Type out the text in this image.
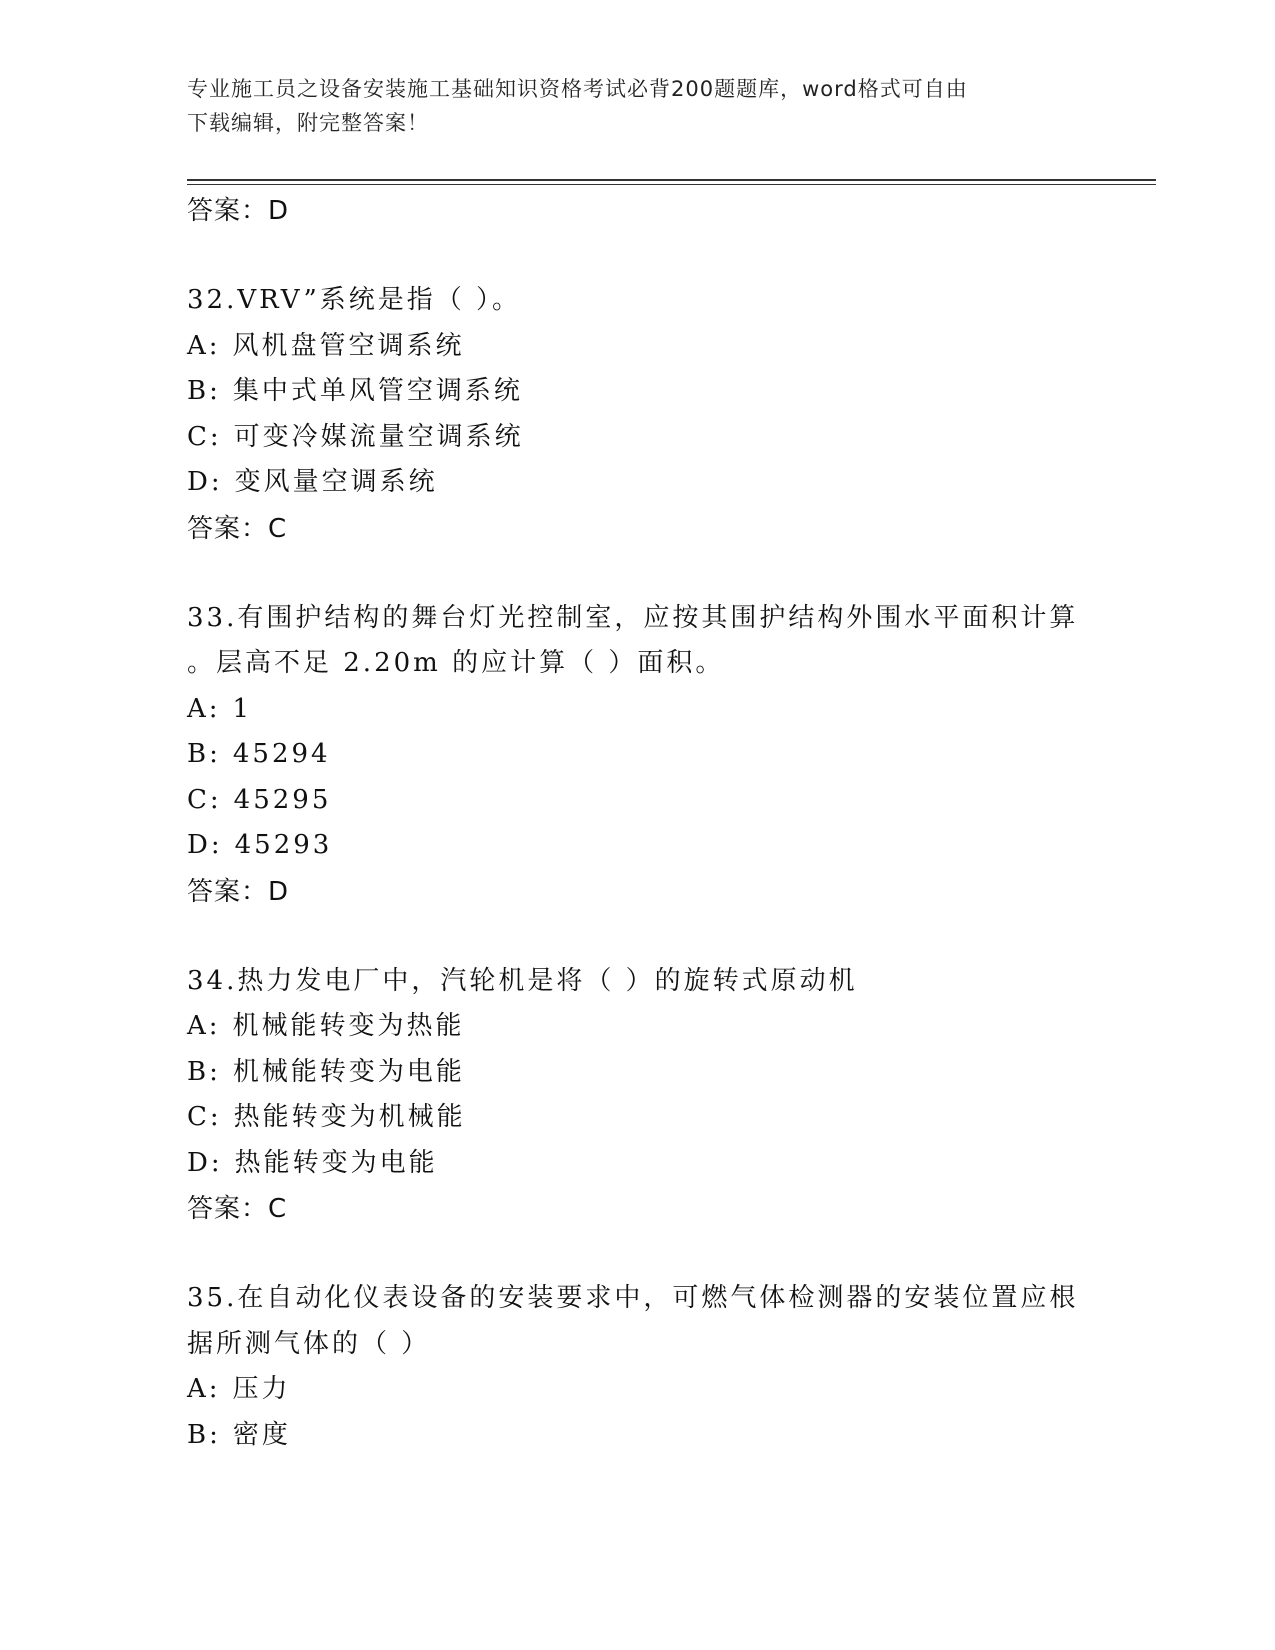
专业施工员之设备安装施工基础知识资格考试必背200题题库，word格式可自由
下载编辑，附完整答案！
答案：D
32.VRV”系统是指（ ）。
A: 风机盘管空调系统
B: 集中式单风管空调系统
C: 可变冷媒流量空调系统
D: 变风量空调系统
答案：C
33.有围护结构的舞台灯光控制室，应按其围护结构外围水平面积计算
。层高不足 2.20m 的应计算（ ）面积。
A: 1
B: 45294
C: 45295
D: 45293
答案：D
34.热力发电厂中，汽轮机是将（ ）的旋转式原动机
A: 机械能转变为热能
B: 机械能转变为电能
C: 热能转变为机械能
D: 热能转变为电能
答案：C
35.在自动化仪表设备的安装要求中，可燃气体检测器的安装位置应根
据所测气体的（ ）
A: 压力
B: 密度
